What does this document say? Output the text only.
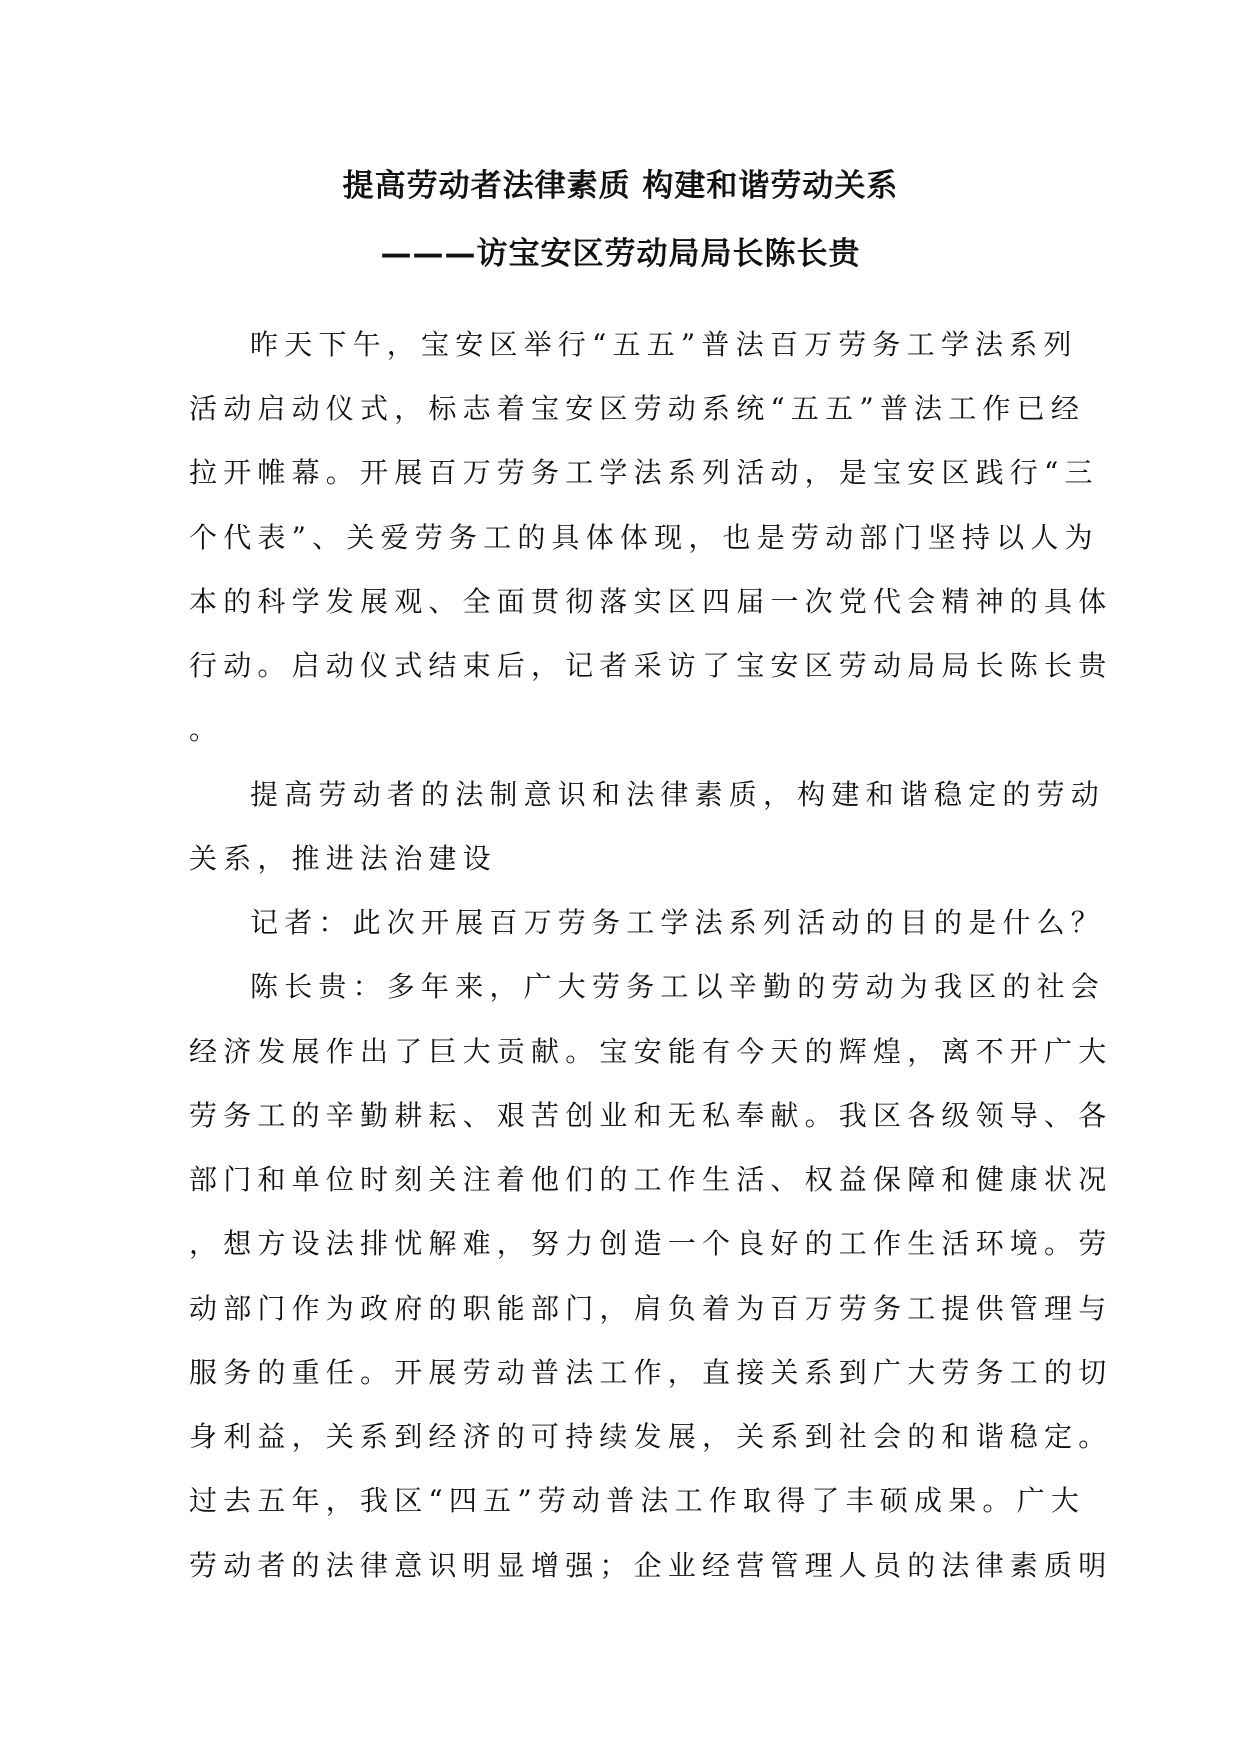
提高劳动者法律素质 构建和谐劳动关系
———访宝安区劳动局局长陈长贵
昨天下午，宝安区举行“五五”普法百万劳务工学法系列
活动启动仪式，标志着宝安区劳动系统“五五”普法工作已经
拉开帷幕。开展百万劳务工学法系列活动，是宝安区践行“三
个代表”、关爱劳务工的具体体现，也是劳动部门坚持以人为
本的科学发展观、全面贯彻落实区四届一次党代会精神的具体
行动。启动仪式结束后，记者采访了宝安区劳动局局长陈长贵
。
提高劳动者的法制意识和法律素质，构建和谐稳定的劳动
关系，推进法治建设
记者：此次开展百万劳务工学法系列活动的目的是什么？
陈长贵：多年来，广大劳务工以辛勤的劳动为我区的社会
经济发展作出了巨大贡献。宝安能有今天的辉煌，离不开广大
劳务工的辛勤耕耘、艰苦创业和无私奉献。我区各级领导、各
部门和单位时刻关注着他们的工作生活、权益保障和健康状况
，想方设法排忧解难，努力创造一个良好的工作生活环境。劳
动部门作为政府的职能部门，肩负着为百万劳务工提供管理与
服务的重任。开展劳动普法工作，直接关系到广大劳务工的切
身利益，关系到经济的可持续发展，关系到社会的和谐稳定。
过去五年，我区“四五”劳动普法工作取得了丰硕成果。广大
劳动者的法律意识明显增强；企业经营管理人员的法律素质明
